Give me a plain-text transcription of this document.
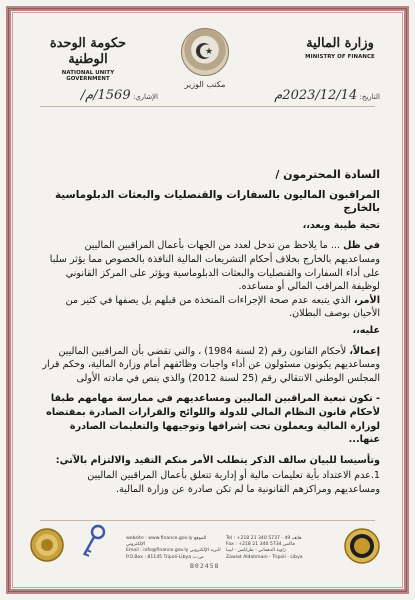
وزارة المالية
MINISTRY OF FINANCE
حكومة الوحدة الوطنية
NATIONAL UNITY GOVERNMENT
مكتب الوزير
التاريخ: 2023/12/14م
الإشاري: 1569/م/

السادة المحترمون /

المراقبون الماليون بالسفارات والقنصليات والبعثات الدبلوماسية بالخارج

تحية طيبة وبعد،،

في ظل ... ما يلاحظ من تدخل لعدد من الجهات بأعمال المراقبين الماليين ومساعديهم بالخارج بخلاف أحكام التشريعات المالية النافذة بالخصوص مما يؤثر سلبا على أداء السفارات والقنصليات والبعثات الدبلوماسية ويؤثر على المركز القانوني لوظيفة المراقب المالي أو مساعده.

الأمر، الذي يتبعه عدم صحة الإجراءات المتخذة من قبلهم بل يصفها في كثير من الأحيان بوصف البطلان.

عليه،،

إعمالاً، لأحكام القانون رقم (2 لسنة 1984) ، والتي تقضي بأن المراقبين الماليين ومساعديهم يكونون مسئولون عن أداء واجبات وظائفهم أمام وزارة المالية، وحكم قرار المجلس الوطني الانتقالي رقم (25 لسنة 2012) والذي ينص في مادته الأولى

- تكون تبعية المراقبين الماليين ومساعديهم في ممارسة مهامهم طبقا لأحكام قانون النظام المالي للدولة واللوائح والقرارات الصادرة بمقتضاه لوزارة المالية ويعملون تحت إشرافها وتوجيهها والتعليمات الصادرة عنها...

وتأسيسا للبيان سالف الذكر يتطلب الأمر منكم التقيد والالتزام بالآتي:

1.عدم الاعتداد بأية تعليمات مالية أو إدارية تتعلق بأعمال المراقبين الماليين ومساعديهم ومراكزهم القانونية ما لم تكن صادرة عن وزارة المالية.

website : www.finance.gov.ly الموقع الإلكتروني
Email : info@finance.gov.ly البريد الإلكتروني
P.O.Box : 81145 Tripoli-Libya ص.ب
Tel : +218 21 340 5737 - 49 هاتف
Fax : +218 21 340 5734 فاكس
زاوية الدهماني - طرابلس - ليبيا
Zawiat Aldahmani - Tripoli - Libya
B02458
